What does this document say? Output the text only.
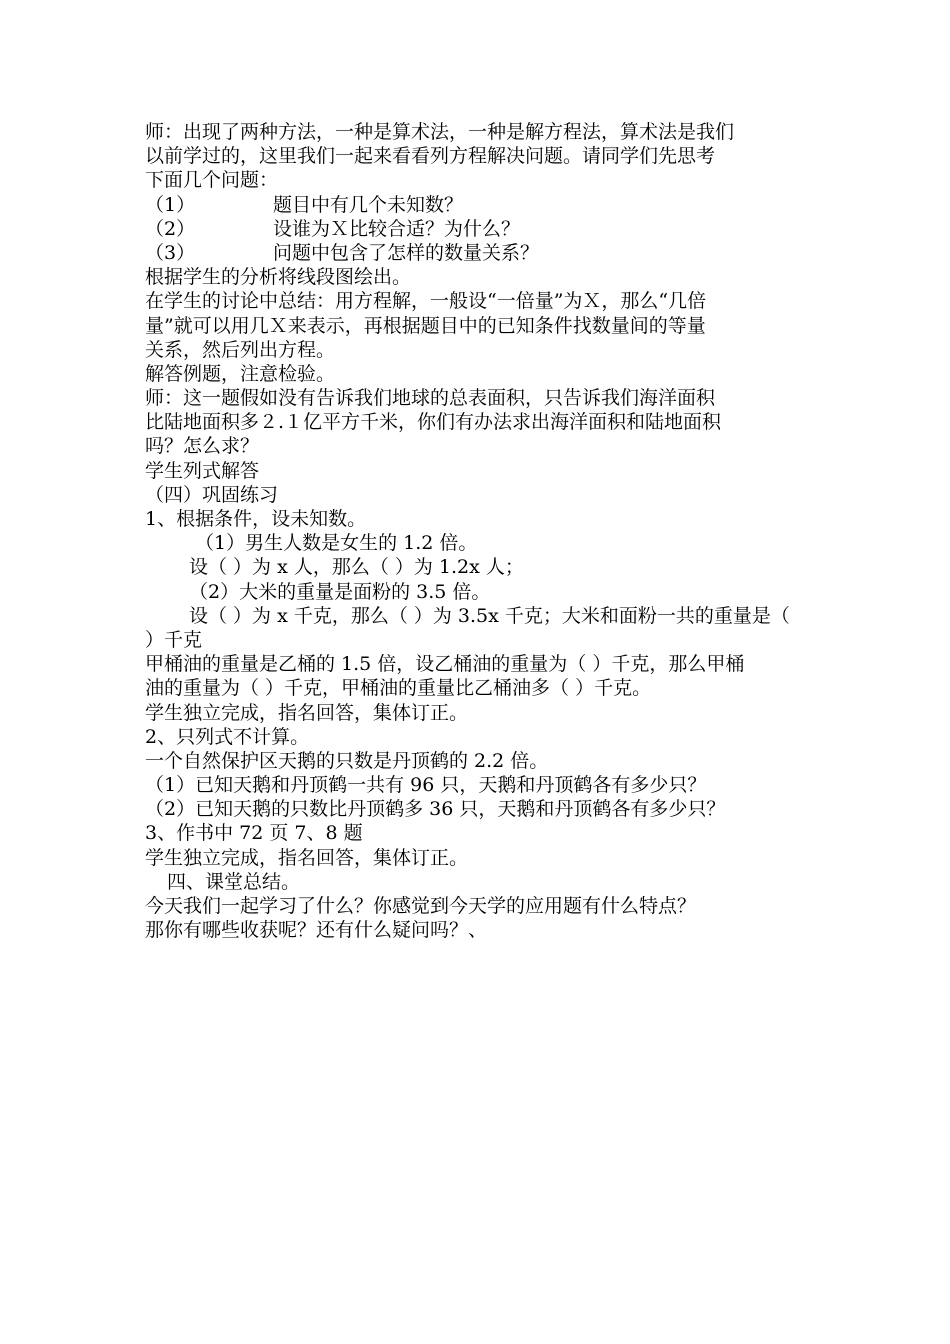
师：出现了两种方法，一种是算术法，一种是解方程法，算术法是我们
以前学过的，这里我们一起来看看列方程解决问题。请同学们先思考
下面几个问题：
（1）	题目中有几个未知数？
（2）	设谁为Ｘ比较合适？为什么？
（3）	问题中包含了怎样的数量关系？
根据学生的分析将线段图绘出。
在学生的讨论中总结：用方程解，一般设“一倍量”为Ｘ，那么“几倍
量”就可以用几Ｘ来表示，再根据题目中的已知条件找数量间的等量
关系，然后列出方程。
解答例题，注意检验。
师：这一题假如没有告诉我们地球的总表面积，只告诉我们海洋面积
比陆地面积多２.１亿平方千米，你们有办法求出海洋面积和陆地面积
吗？怎么求？
学生列式解答
（四）巩固练习
1、根据条件，设未知数。
（1）男生人数是女生的 1.2 倍。
设（ ）为 x 人，那么（ ）为 1.2x 人；
（2）大米的重量是面粉的 3.5 倍。
设（ ）为 x 千克，那么（ ）为 3.5x 千克；大米和面粉一共的重量是（
）千克
甲桶油的重量是乙桶的 1.5 倍，设乙桶油的重量为（ ）千克，那么甲桶
油的重量为（ ）千克，甲桶油的重量比乙桶油多（ ）千克。
学生独立完成，指名回答，集体订正。
2、只列式不计算。
一个自然保护区天鹅的只数是丹顶鹤的 2.2 倍。
（1）已知天鹅和丹顶鹤一共有 96 只，天鹅和丹顶鹤各有多少只？
（2）已知天鹅的只数比丹顶鹤多 36 只，天鹅和丹顶鹤各有多少只？
3、作书中 72 页 7、8 题
学生独立完成，指名回答，集体订正。
四、课堂总结。
今天我们一起学习了什么？你感觉到今天学的应用题有什么特点？
那你有哪些收获呢？还有什么疑问吗？、
